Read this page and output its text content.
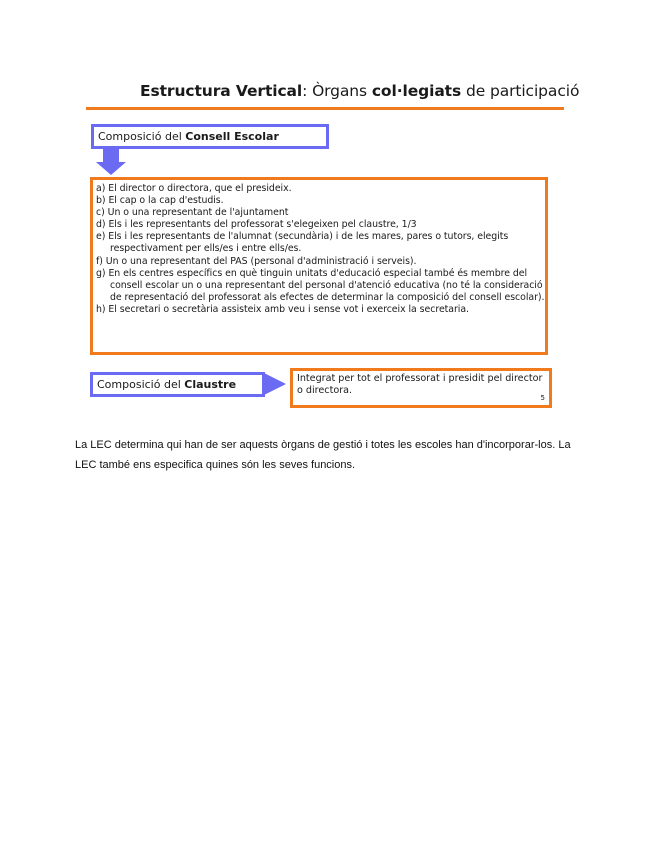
Estructura Vertical: Òrgans col·legiats de participació
Composició del Consell Escolar
a) El director o directora, que el presideix.
b) El cap o la cap d'estudis.
c) Un o una representant de l'ajuntament
d) Els i les representants del professorat s'elegeixen pel claustre, 1/3
e) Els i les representants de l'alumnat (secundària) i de les mares, pares o tutors, elegits respectivament per ells/es i entre ells/es.
f) Un o una representant del PAS (personal d'administració i serveis).
g) En els centres específics en què tinguin unitats d'educació especial també és membre del consell escolar un o una representant del personal d'atenció educativa (no té la consideració de representació del professorat als efectes de determinar la composició del consell escolar).
h) El secretari o secretària assisteix amb veu i sense vot i exerceix la secretaria.
Composició del Claustre	Integrat per tot el professorat i presidit pel director o directora.
5

La LEC determina qui han de ser aquests òrgans de gestió i totes les escoles han d'incorporar-los. La LEC també ens especifica quines són les seves funcions.
